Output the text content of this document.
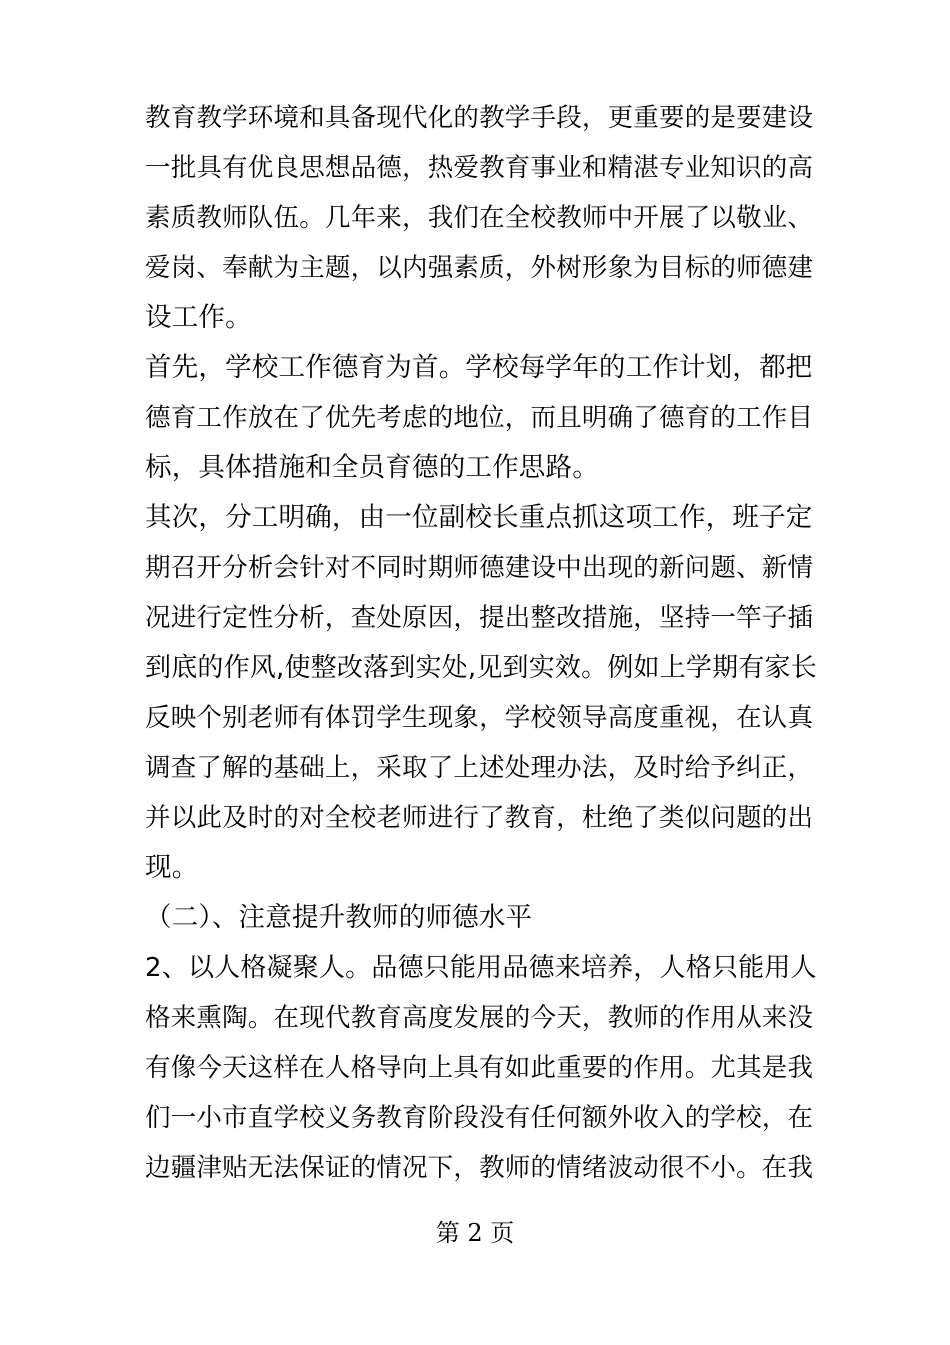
教育教学环境和具备现代化的教学手段，更重要的是要建设
一批具有优良思想品德，热爱教育事业和精湛专业知识的高
素质教师队伍。几年来，我们在全校教师中开展了以敬业、
爱岗、奉献为主题，以内强素质，外树形象为目标的师德建
设工作。
首先，学校工作德育为首。学校每学年的工作计划，都把
德育工作放在了优先考虑的地位，而且明确了德育的工作目
标，具体措施和全员育德的工作思路。
其次，分工明确，由一位副校长重点抓这项工作，班子定
期召开分析会针对不同时期师德建设中出现的新问题、新情
况进行定性分析，查处原因，提出整改措施，坚持一竿子插
到底的作风,使整改落到实处,见到实效。例如上学期有家长
反映个别老师有体罚学生现象，学校领导高度重视，在认真
调查了解的基础上，采取了上述处理办法，及时给予纠正，
并以此及时的对全校老师进行了教育，杜绝了类似问题的出
现。
（二）、注意提升教师的师德水平
2、以人格凝聚人。品德只能用品德来培养，人格只能用人
格来熏陶。在现代教育高度发展的今天，教师的作用从来没
有像今天这样在人格导向上具有如此重要的作用。尤其是我
们一小市直学校义务教育阶段没有任何额外收入的学校，在
边疆津贴无法保证的情况下，教师的情绪波动很不小。在我
第 2 页
